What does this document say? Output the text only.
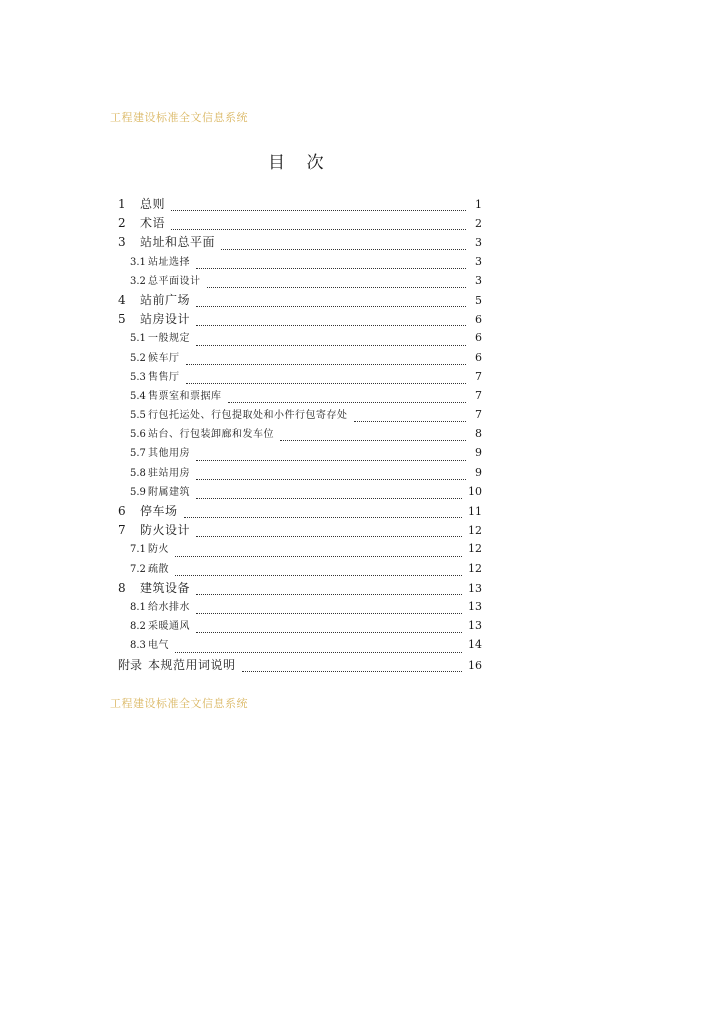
工程建设标准全文信息系统
目    次
1	总则	1
2	术语	2
3	站址和总平面	3
3.1 站址选择	3
3.2 总平面设计	3
4	站前广场	5
5	站房设计	6
5.1 一般规定	6
5.2 候车厅	6
5.3 售售厅	7
5.4 售票室和票据库	7
5.5 行包托运处、行包提取处和小件行包寄存处	7
5.6 站台、行包装卸廊和发车位	8
5.7 其他用房	9
5.8 驻站用房	9
5.9 附属建筑	10
6	停车场	11
7	防火设计	12
7.1 防火	12
7.2 疏散	12
8	建筑设备	13
8.1 给水排水	13
8.2 采暖通风	13
8.3 电气	14
附录 本规范用词说明	16
工程建设标准全文信息系统
